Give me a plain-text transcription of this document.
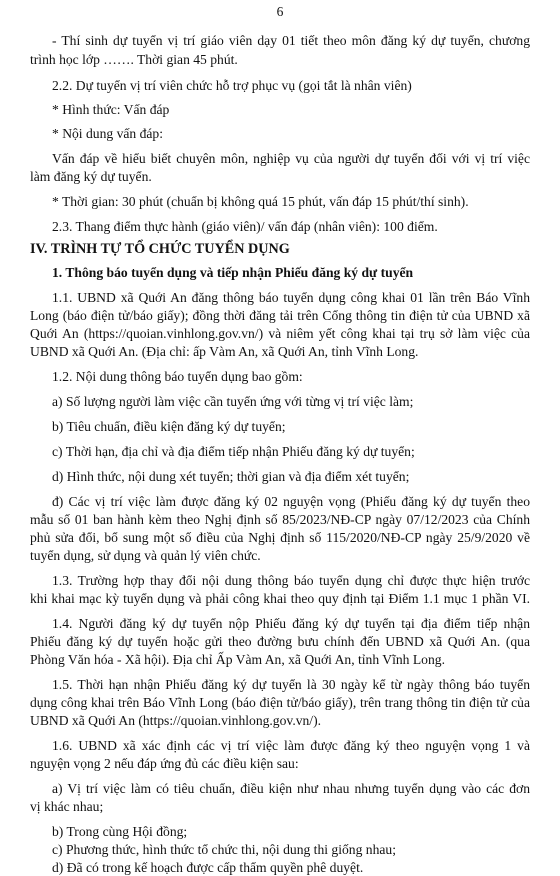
6
- Thí sinh dự tuyển vị trí giáo viên dạy 01 tiết theo môn đăng ký dự tuyển, chương
trình học lớp ……. Thời gian 45 phút.
2.2. Dự tuyển vị trí viên chức hỗ trợ phục vụ (gọi tắt là nhân viên)
* Hình thức: Vấn đáp
* Nội dung vấn đáp:
Vấn đáp về hiểu biết chuyên môn, nghiệp vụ của người dự tuyển đối với vị trí việc
làm đăng ký dự tuyển.
* Thời gian: 30 phút (chuẩn bị không quá 15 phút, vấn đáp 15 phút/thí sinh).
2.3. Thang điểm thực hành (giáo viên)/ vấn đáp (nhân viên): 100 điểm.
IV. TRÌNH TỰ TỔ CHỨC TUYỂN DỤNG
1. Thông báo tuyển dụng và tiếp nhận Phiếu đăng ký dự tuyển
1.1. UBND xã Quới An đăng thông báo tuyển dụng công khai 01 lần trên Báo Vĩnh
Long (báo điện tử/báo giấy); đồng thời đăng tải trên Cổng thông tin điện tử của UBND xã
Quới An (https://quoian.vinhlong.gov.vn/) và niêm yết công khai tại trụ sở làm việc của
UBND xã Quới An. (Địa chỉ: ấp Vàm An, xã Quới An, tỉnh Vĩnh Long.
1.2. Nội dung thông báo tuyển dụng bao gồm:
a) Số lượng người làm việc cần tuyển ứng với từng vị trí việc làm;
b) Tiêu chuẩn, điều kiện đăng ký dự tuyển;
c) Thời hạn, địa chỉ và địa điểm tiếp nhận Phiếu đăng ký dự tuyển;
d) Hình thức, nội dung xét tuyển; thời gian và địa điểm xét tuyển;
đ) Các vị trí việc làm được đăng ký 02 nguyện vọng (Phiếu đăng ký dự tuyển theo
mẫu số 01 ban hành kèm theo Nghị định số 85/2023/NĐ-CP ngày 07/12/2023 của Chính
phủ sửa đổi, bổ sung một số điều của Nghị định số 115/2020/NĐ-CP ngày 25/9/2020 về
tuyển dụng, sử dụng và quản lý viên chức.
1.3. Trường hợp thay đổi nội dung thông báo tuyển dụng chỉ được thực hiện trước
khi khai mạc kỳ tuyển dụng và phải công khai theo quy định tại Điểm 1.1 mục 1 phần VI.
1.4. Người đăng ký dự tuyển nộp Phiếu đăng ký dự tuyển tại địa điểm tiếp nhận
Phiếu đăng ký dự tuyển hoặc gửi theo đường bưu chính đến UBND xã Quới An. (qua
Phòng Văn hóa - Xã hội). Địa chỉ Ấp Vàm An, xã Quới An, tỉnh Vĩnh Long.
1.5. Thời hạn nhận Phiếu đăng ký dự tuyển là 30 ngày kể từ ngày thông báo tuyển
dụng công khai trên Báo Vĩnh Long (báo điện tử/báo giấy), trên trang thông tin điện tử của
UBND xã Quới An (https://quoian.vinhlong.gov.vn/).
1.6. UBND xã xác định các vị trí việc làm được đăng ký theo nguyện vọng 1 và
nguyện vọng 2 nếu đáp ứng đủ các điều kiện sau:
a) Vị trí việc làm có tiêu chuẩn, điều kiện như nhau nhưng tuyển dụng vào các đơn
vị khác nhau;
b) Trong cùng Hội đồng;
c) Phương thức, hình thức tổ chức thi, nội dung thi giống nhau;
d) Đã có trong kế hoạch được cấp thẩm quyền phê duyệt.
